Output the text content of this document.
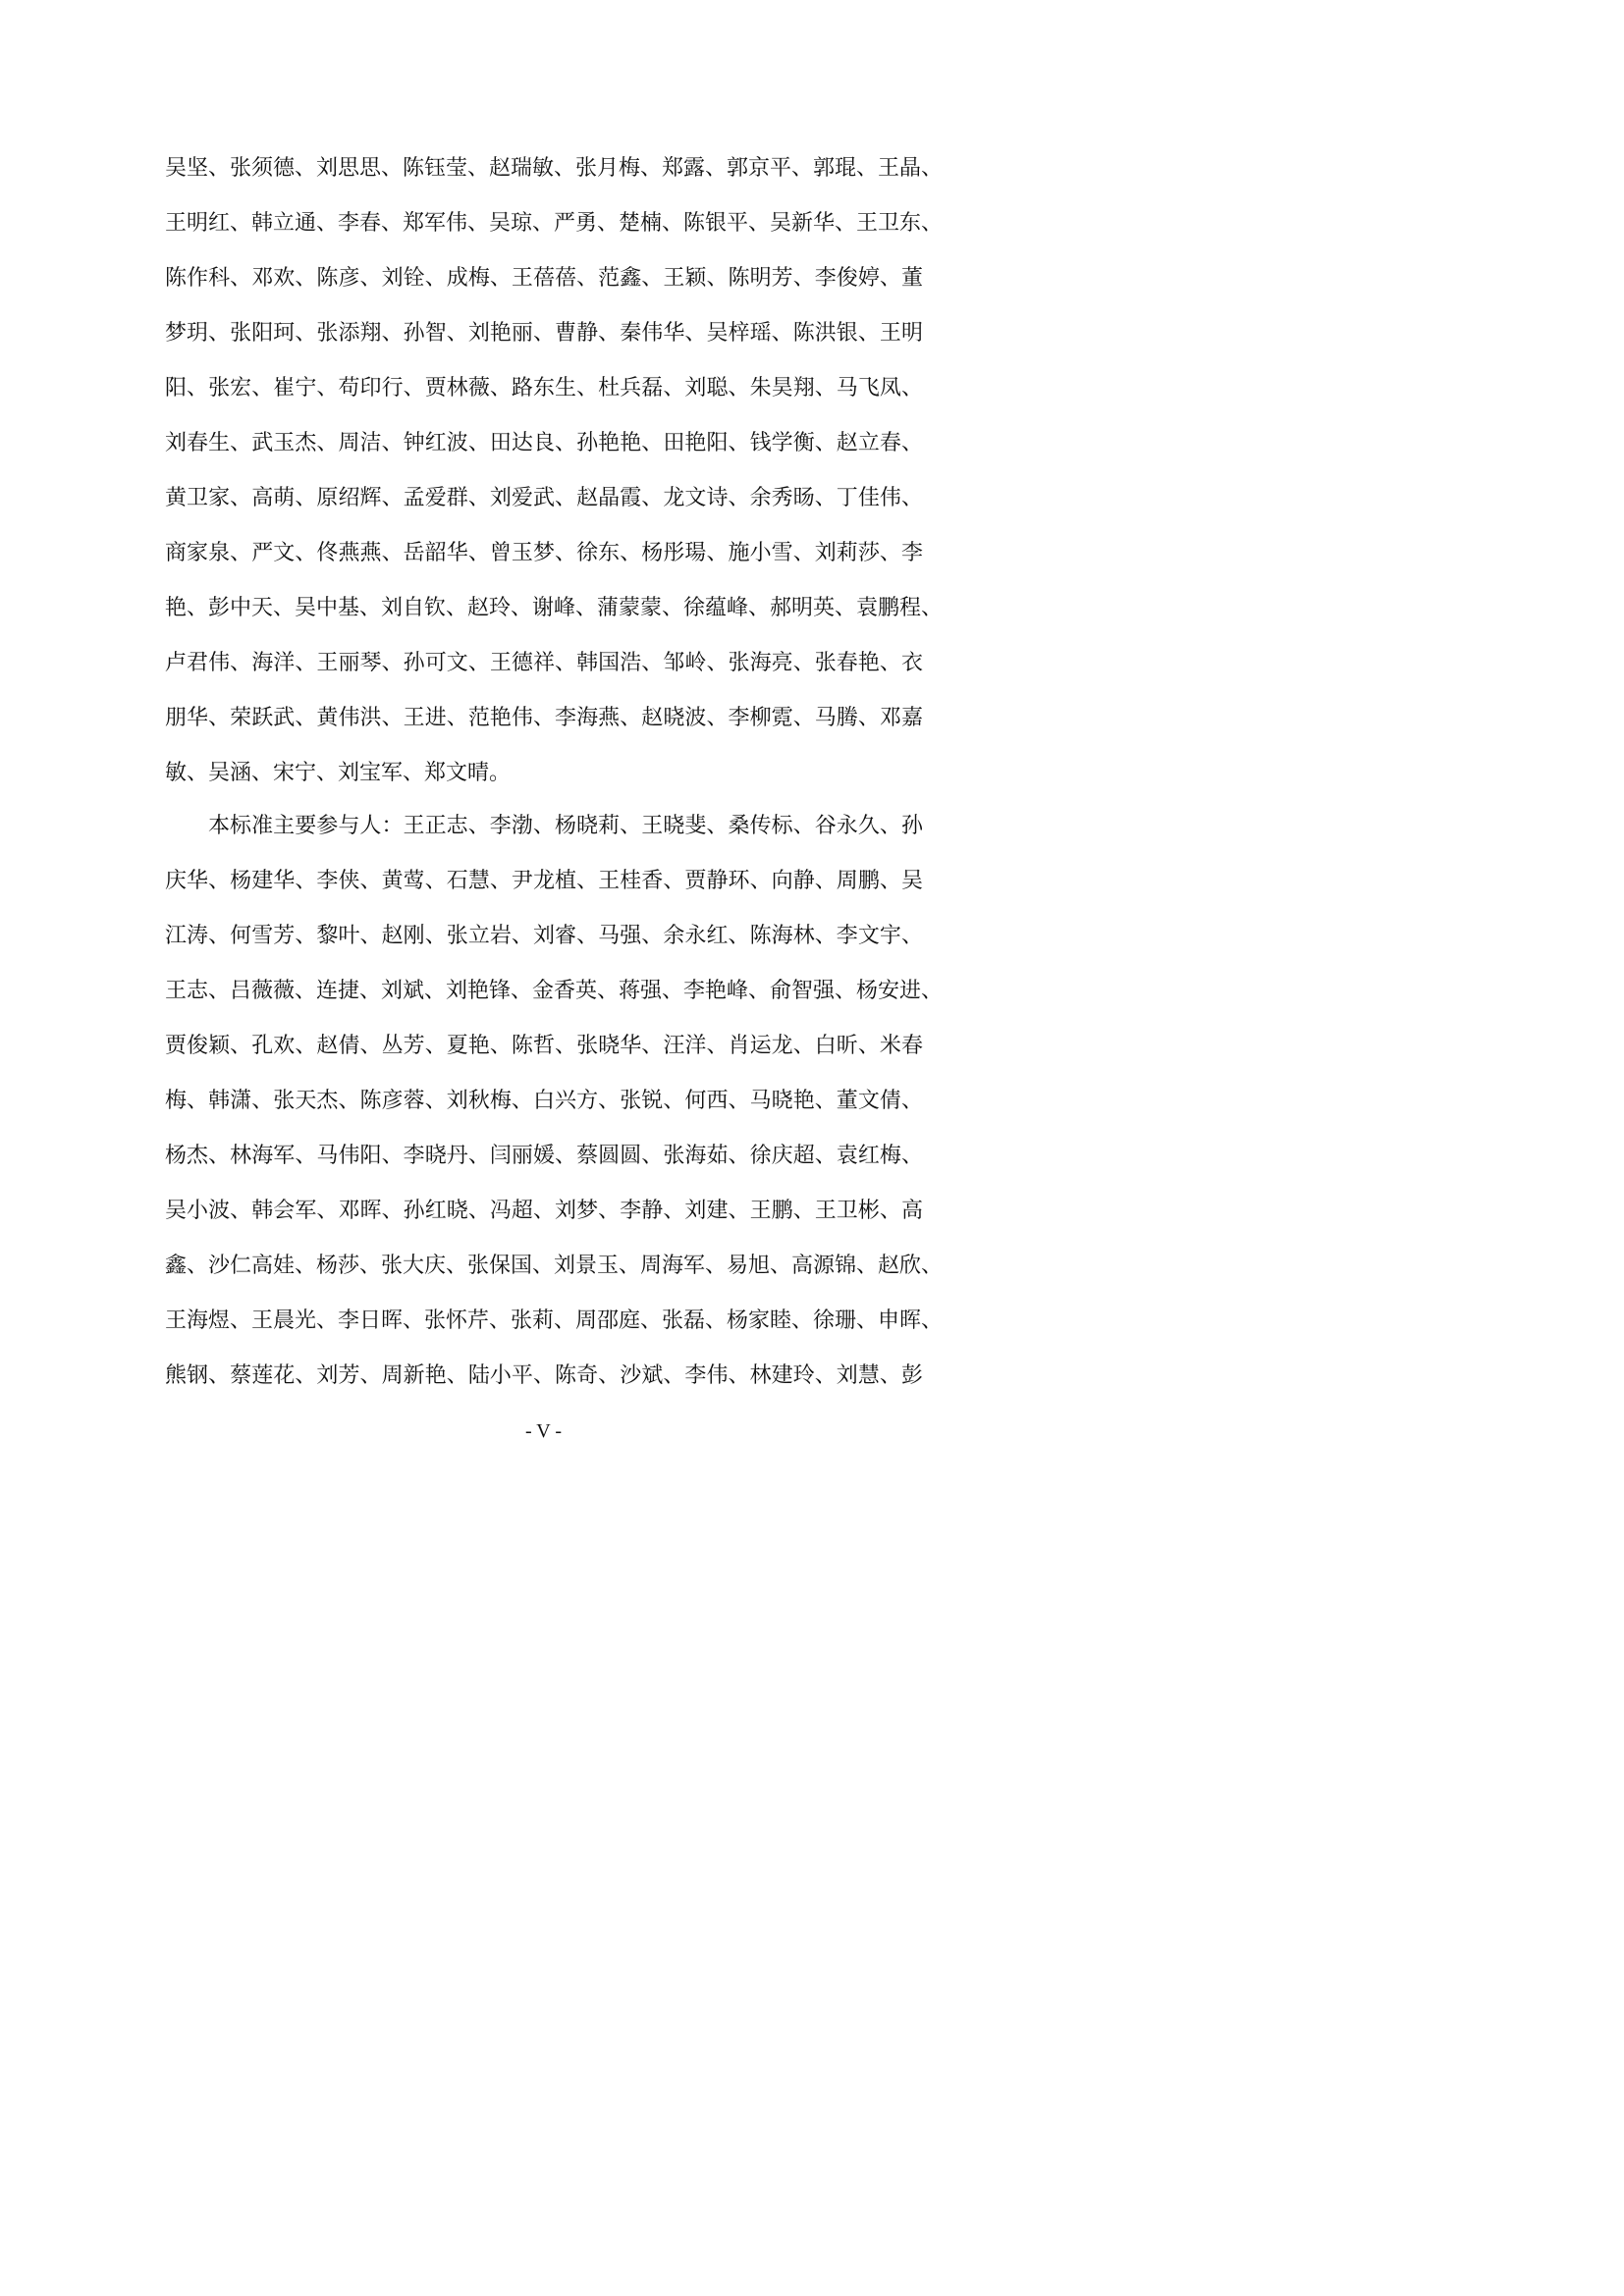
吴坚、张须德、刘思思、陈钰莹、赵瑞敏、张月梅、郑露、郭京平、郭琨、王晶、
王明红、韩立通、李春、郑军伟、吴琼、严勇、楚楠、陈银平、吴新华、王卫东、
陈作科、邓欢、陈彦、刘铨、成梅、王蓓蓓、范鑫、王颖、陈明芳、李俊婷、董
梦玥、张阳珂、张添翔、孙智、刘艳丽、曹静、秦伟华、吴梓瑶、陈洪银、王明
阳、张宏、崔宁、苟印行、贾林薇、路东生、杜兵磊、刘聪、朱昊翔、马飞凤、
刘春生、武玉杰、周洁、钟红波、田达良、孙艳艳、田艳阳、钱学衡、赵立春、
黄卫家、高萌、原绍辉、孟爱群、刘爱武、赵晶霞、龙文诗、余秀旸、丁佳伟、
商家泉、严文、佟燕燕、岳韶华、曾玉梦、徐东、杨彤瑒、施小雪、刘莉莎、李
艳、彭中天、吴中基、刘自钦、赵玲、谢峰、蒲蒙蒙、徐蕴峰、郝明英、袁鹏程、
卢君伟、海洋、王丽琴、孙可文、王德祥、韩国浩、邹岭、张海亮、张春艳、衣
朋华、荣跃武、黄伟洪、王进、范艳伟、李海燕、赵晓波、李柳霓、马腾、邓嘉
敏、吴涵、宋宁、刘宝军、郑文晴。
本标准主要参与人：王正志、李渤、杨晓莉、王晓斐、桑传标、谷永久、孙
庆华、杨建华、李侠、黄莺、石慧、尹龙植、王桂香、贾静环、向静、周鹏、吴
江涛、何雪芳、黎叶、赵刚、张立岩、刘睿、马强、余永红、陈海林、李文宇、
王志、吕薇薇、连捷、刘斌、刘艳锋、金香英、蒋强、李艳峰、俞智强、杨安进、
贾俊颖、孔欢、赵倩、丛芳、夏艳、陈哲、张晓华、汪洋、肖运龙、白昕、米春
梅、韩潇、张天杰、陈彦蓉、刘秋梅、白兴方、张锐、何西、马晓艳、董文倩、
杨杰、林海军、马伟阳、李晓丹、闫丽媛、蔡圆圆、张海茹、徐庆超、袁红梅、
吴小波、韩会军、邓晖、孙红晓、冯超、刘梦、李静、刘建、王鹏、王卫彬、高
鑫、沙仁高娃、杨莎、张大庆、张保国、刘景玉、周海军、易旭、高源锦、赵欣、
王海煜、王晨光、李日晖、张怀芹、张莉、周邵庭、张磊、杨家睦、徐珊、申晖、
熊钢、蔡莲花、刘芳、周新艳、陆小平、陈奇、沙斌、李伟、林建玲、刘慧、彭
- V -
